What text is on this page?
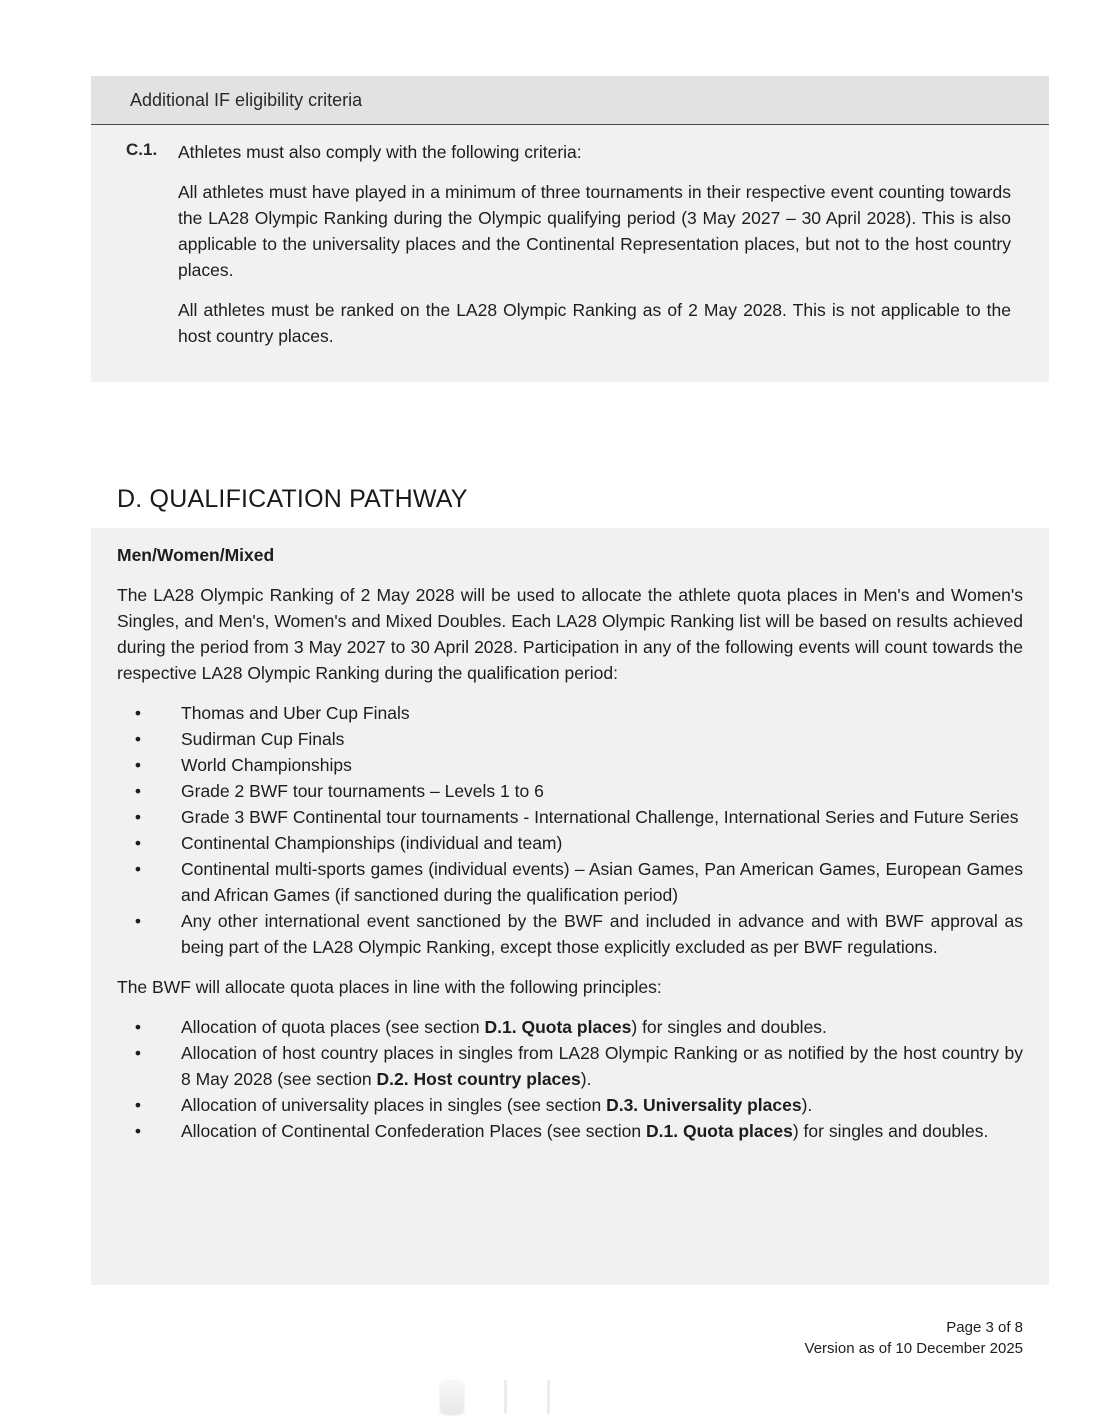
Additional IF eligibility criteria
C.1. Athletes must also comply with the following criteria:

All athletes must have played in a minimum of three tournaments in their respective event counting towards the LA28 Olympic Ranking during the Olympic qualifying period (3 May 2027 – 30 April 2028). This is also applicable to the universality places and the Continental Representation places, but not to the host country places.

All athletes must be ranked on the LA28 Olympic Ranking as of 2 May 2028. This is not applicable to the host country places.

D. QUALIFICATION PATHWAY
Men/Women/Mixed

The LA28 Olympic Ranking of 2 May 2028 will be used to allocate the athlete quota places in Men's and Women's Singles, and Men's, Women's and Mixed Doubles. Each LA28 Olympic Ranking list will be based on results achieved during the period from 3 May 2027 to 30 April 2028. Participation in any of the following events will count towards the respective LA28 Olympic Ranking during the qualification period:

• Thomas and Uber Cup Finals
• Sudirman Cup Finals
• World Championships
• Grade 2 BWF tour tournaments – Levels 1 to 6
• Grade 3 BWF Continental tour tournaments - International Challenge, International Series and Future Series
• Continental Championships (individual and team)
• Continental multi-sports games (individual events) – Asian Games, Pan American Games, European Games and African Games (if sanctioned during the qualification period)
• Any other international event sanctioned by the BWF and included in advance and with BWF approval as being part of the LA28 Olympic Ranking, except those explicitly excluded as per BWF regulations.

The BWF will allocate quota places in line with the following principles:

• Allocation of quota places (see section D.1. Quota places) for singles and doubles.
• Allocation of host country places in singles from LA28 Olympic Ranking or as notified by the host country by 8 May 2028 (see section D.2. Host country places).
• Allocation of universality places in singles (see section D.3. Universality places).
• Allocation of Continental Confederation Places (see section D.1. Quota places) for singles and doubles.
Page 3 of 8
Version as of 10 December 2025
